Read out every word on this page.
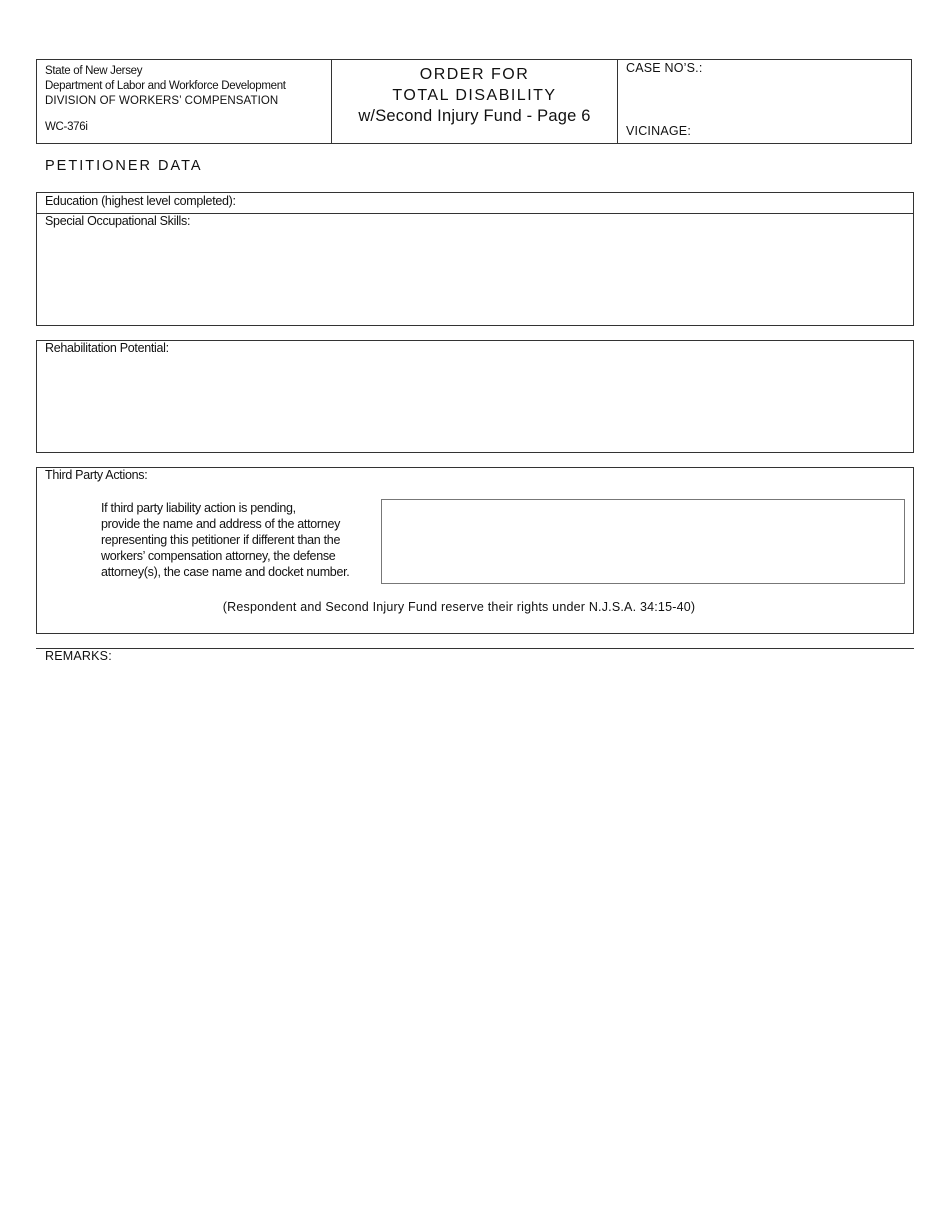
State of New Jersey
Department of Labor and Workforce Development
DIVISION OF WORKERS’ COMPENSATION
WC-376i
ORDER FOR
TOTAL DISABILITY
w/Second Injury Fund - Page 6
CASE NO’S.:
VICINAGE:
PETITIONER DATA
Education (highest level completed):
Special Occupational Skills:
Rehabilitation Potential:
Third Party Actions:
If third party liability action is pending,
provide the name and address of the attorney
representing this petitioner if different than the
workers’ compensation attorney, the defense
attorney(s), the case name and docket number.
(Respondent and Second Injury Fund reserve their rights under N.J.S.A. 34:15-40)
REMARKS:
